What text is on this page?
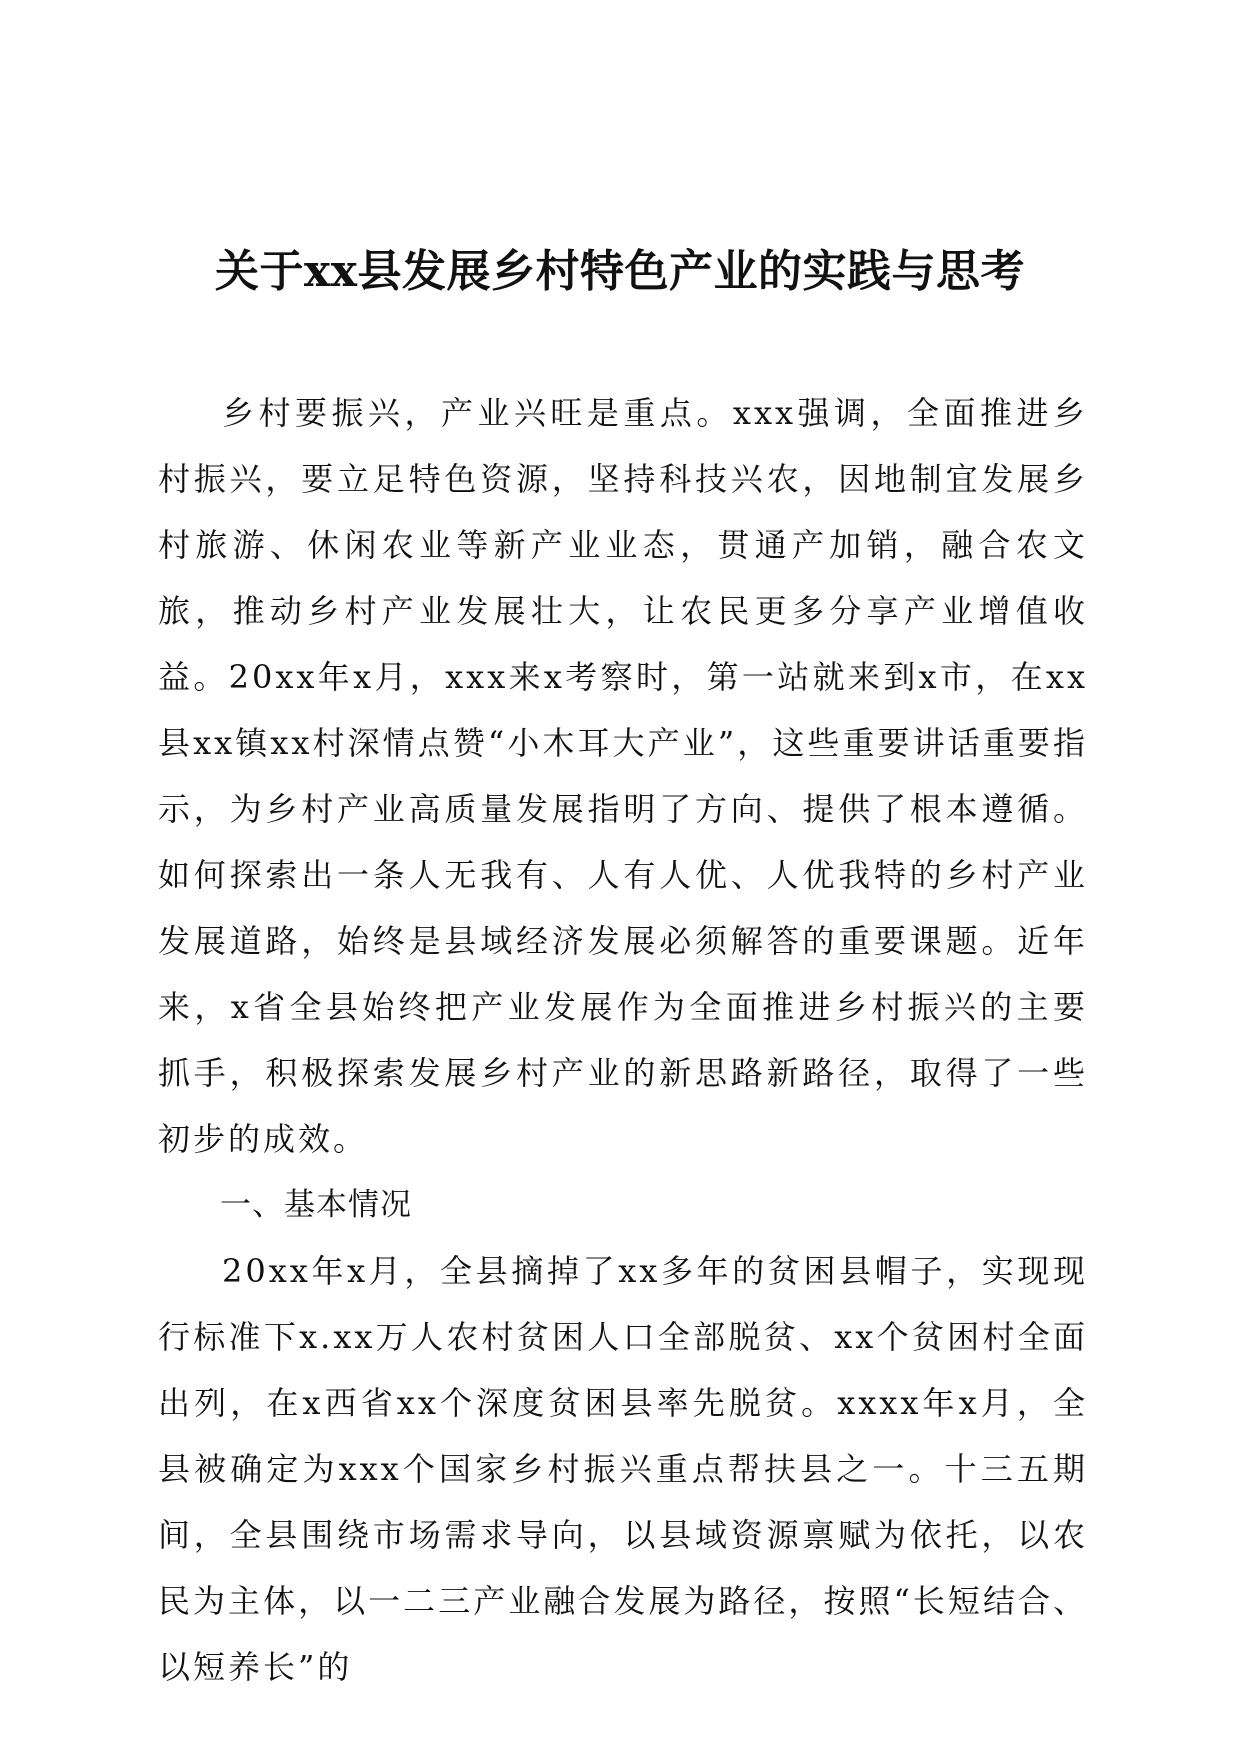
关于xx县发展乡村特色产业的实践与思考

乡村要振兴，产业兴旺是重点。xxx强调，全面推进乡村振兴，要立足特色资源，坚持科技兴农，因地制宜发展乡村旅游、休闲农业等新产业业态，贯通产加销，融合农文旅，推动乡村产业发展壮大，让农民更多分享产业增值收益。20xx年x月，xxx来x考察时，第一站就来到x市，在xx县xx镇xx村深情点赞“小木耳大产业”，这些重要讲话重要指示，为乡村产业高质量发展指明了方向、提供了根本遵循。如何探索出一条人无我有、人有人优、人优我特的乡村产业发展道路，始终是县域经济发展必须解答的重要课题。近年来，x省全县始终把产业发展作为全面推进乡村振兴的主要抓手，积极探索发展乡村产业的新思路新路径，取得了一些初步的成效。

一、基本情况

20xx年x月，全县摘掉了xx多年的贫困县帽子，实现现行标准下x.xx万人农村贫困人口全部脱贫、xx个贫困村全面出列，在x西省xx个深度贫困县率先脱贫。xxxx年x月，全县被确定为xxx个国家乡村振兴重点帮扶县之一。十三五期间，全县围绕市场需求导向，以县域资源禀赋为依托，以农民为主体，以一二三产业融合发展为路径，按照“长短结合、以短养长”的
